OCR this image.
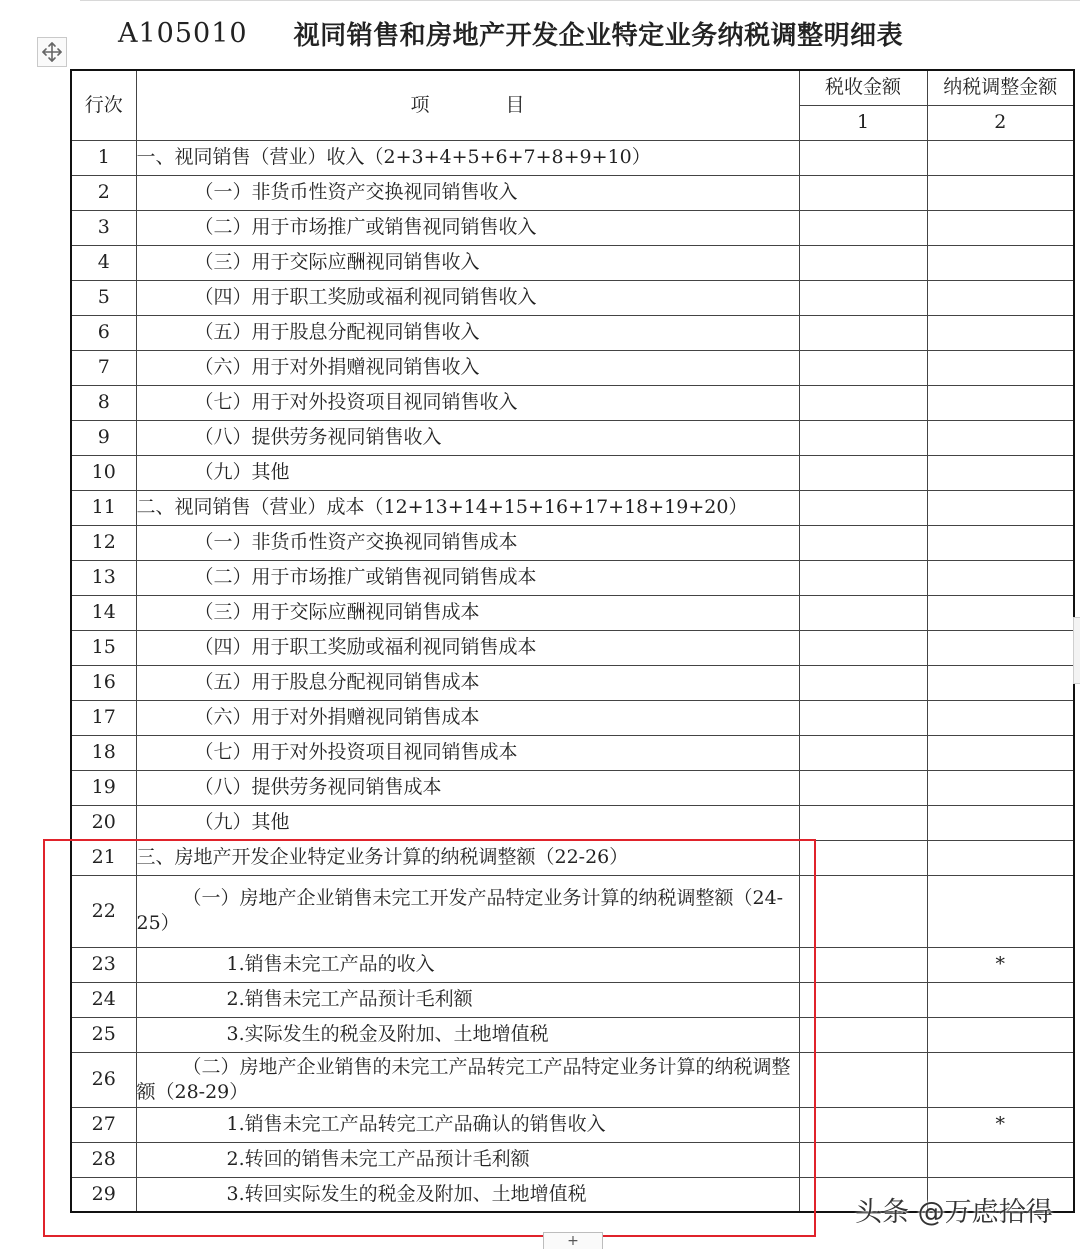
A105010 视同销售和房地产开发企业特定业务纳税调整明细表
行次	项　　　　目	税收金额	纳税调整金额
		1	2
1	一、视同销售（营业）收入（2+3+4+5+6+7+8+9+10）		
2	（一）非货币性资产交换视同销售收入		
3	（二）用于市场推广或销售视同销售收入		
4	（三）用于交际应酬视同销售收入		
5	（四）用于职工奖励或福利视同销售收入		
6	（五）用于股息分配视同销售收入		
7	（六）用于对外捐赠视同销售收入		
8	（七）用于对外投资项目视同销售收入		
9	（八）提供劳务视同销售收入		
10	（九）其他		
11	二、视同销售（营业）成本（12+13+14+15+16+17+18+19+20）		
12	（一）非货币性资产交换视同销售成本		
13	（二）用于市场推广或销售视同销售成本		
14	（三）用于交际应酬视同销售成本		
15	（四）用于职工奖励或福利视同销售成本		
16	（五）用于股息分配视同销售成本		
17	（六）用于对外捐赠视同销售成本		
18	（七）用于对外投资项目视同销售成本		
19	（八）提供劳务视同销售成本		
20	（九）其他		
21	三、房地产开发企业特定业务计算的纳税调整额（22-26）		
22	（一）房地产企业销售未完工开发产品特定业务计算的纳税调整额（24-25）		
23	1.销售未完工产品的收入		*
24	2.销售未完工产品预计毛利额		
25	3.实际发生的税金及附加、土地增值税		
26	（二）房地产企业销售的未完工产品转完工产品特定业务计算的纳税调整额（28-29）		
27	1.销售未完工产品转完工产品确认的销售收入		*
28	2.转回的销售未完工产品预计毛利额		
29	3.转回实际发生的税金及附加、土地增值税		
头条 @万虑拾得
+
